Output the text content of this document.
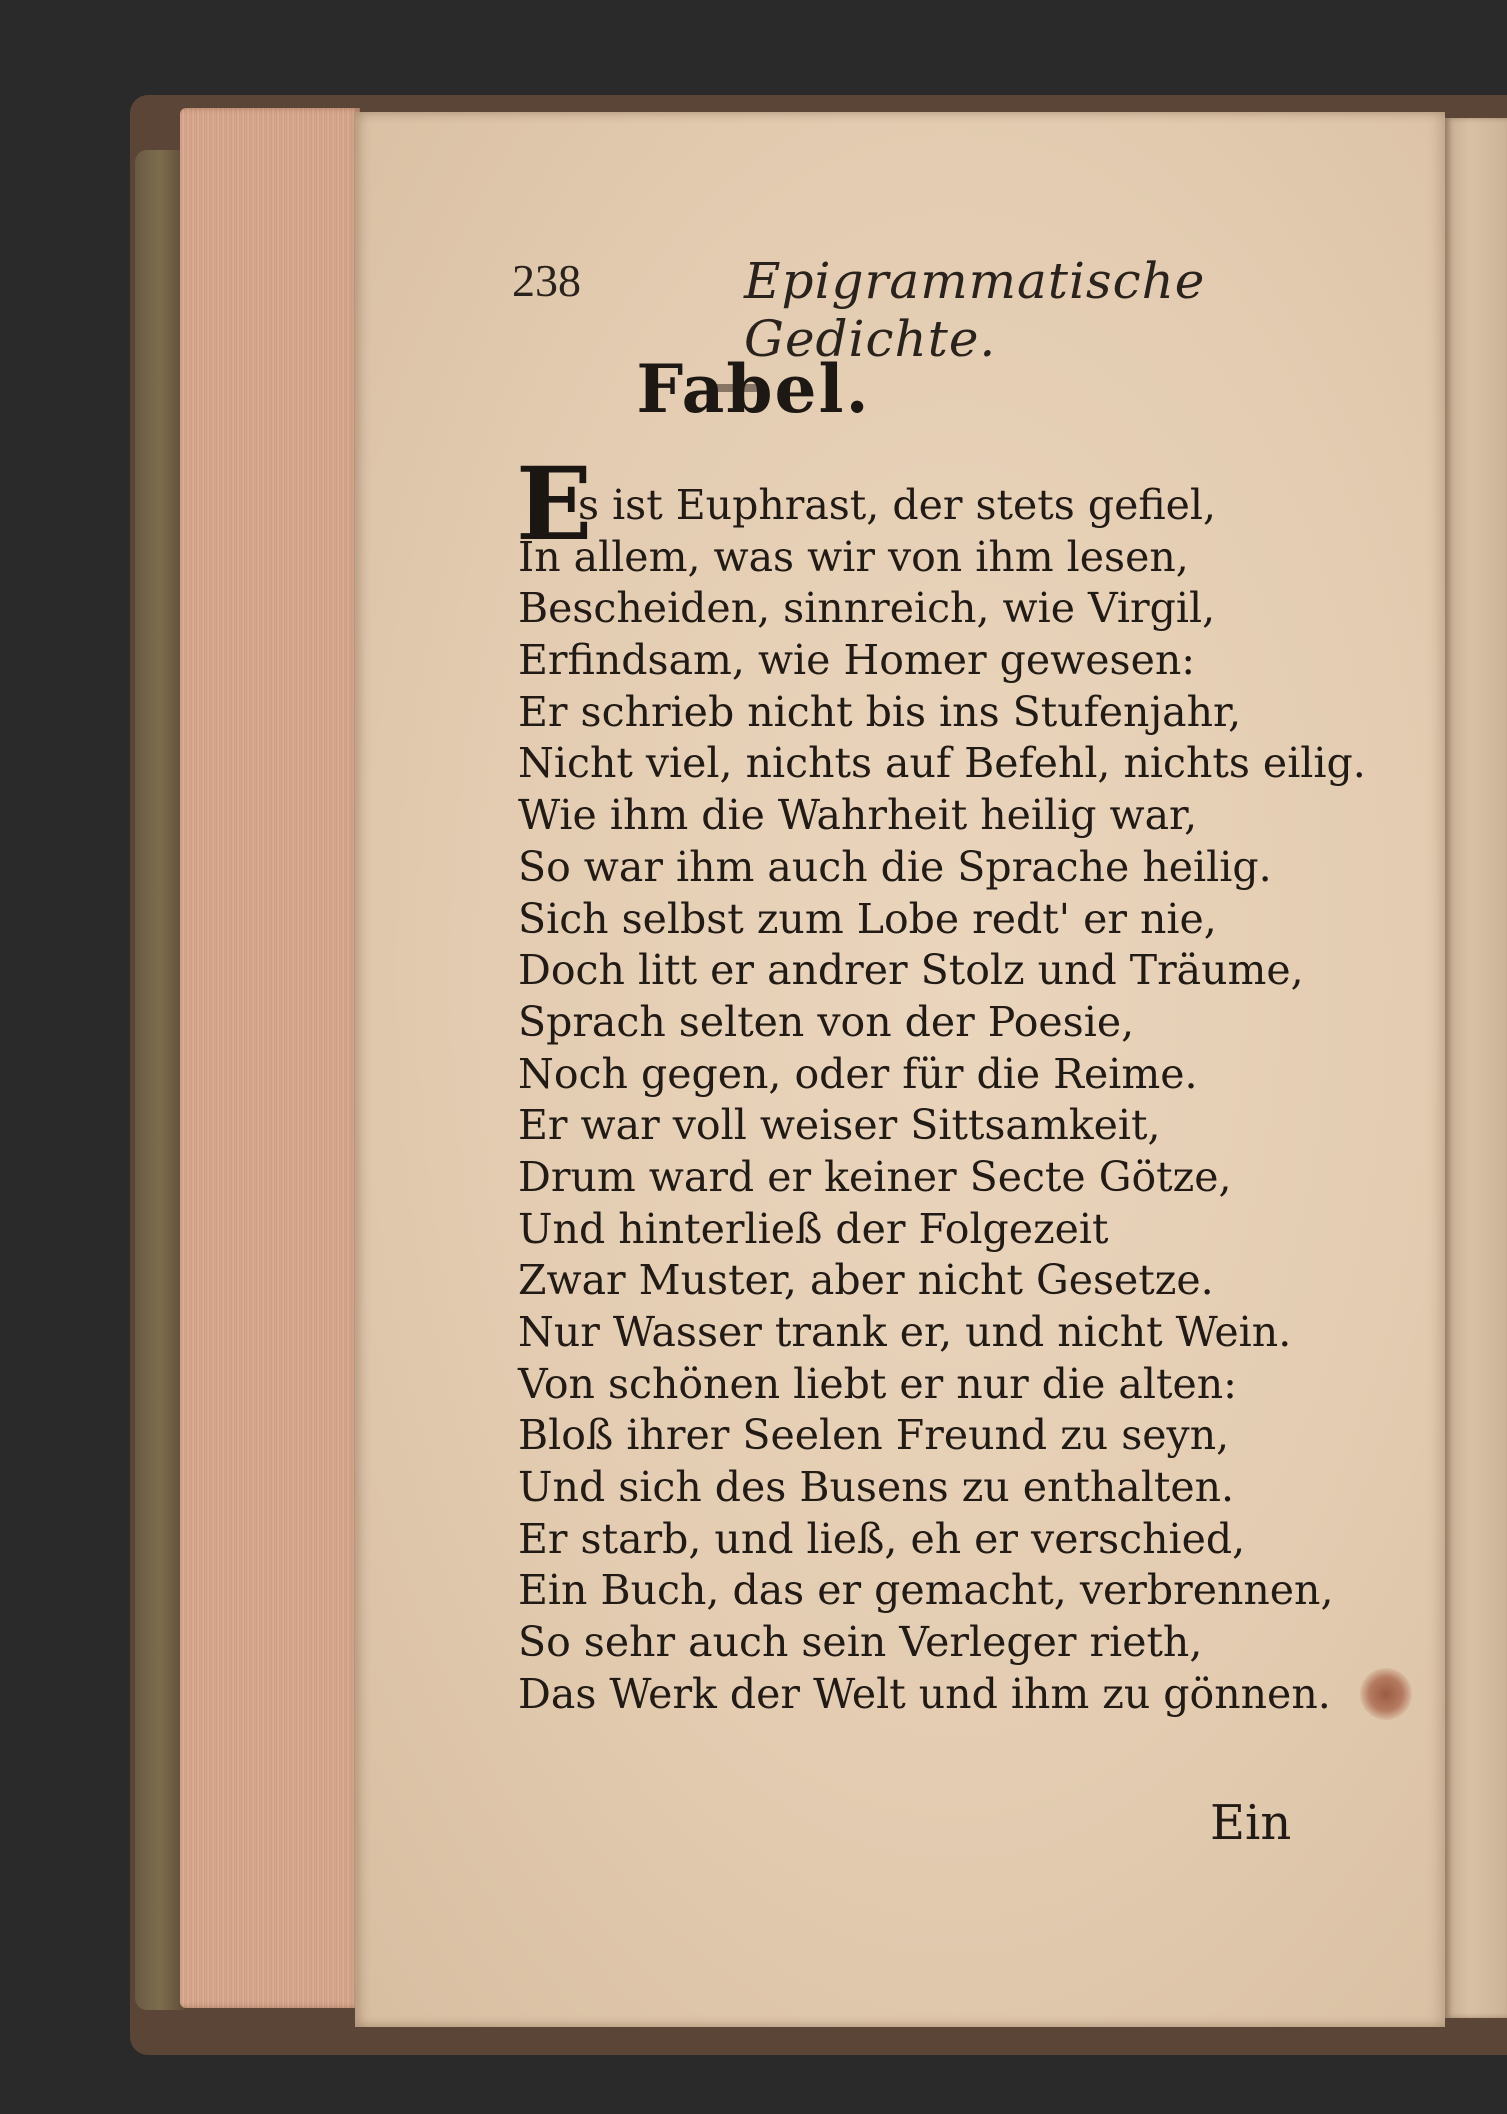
238	Epigrammatische Gedichte.
Fabel.
E
s ist Euphrast, der stets gefiel,
In allem, was wir von ihm lesen,
Bescheiden, sinnreich, wie Virgil,
Erfindsam, wie Homer gewesen:
Er schrieb nicht bis ins Stufenjahr,
Nicht viel, nichts auf Befehl, nichts eilig.
Wie ihm die Wahrheit heilig war,
So war ihm auch die Sprache heilig.
Sich selbst zum Lobe redt' er nie,
Doch litt er andrer Stolz und Träume,
Sprach selten von der Poesie,
Noch gegen, oder für die Reime.
Er war voll weiser Sittsamkeit,
Drum ward er keiner Secte Götze,
Und hinterließ der Folgezeit
Zwar Muster, aber nicht Gesetze.
Nur Wasser trank er, und nicht Wein.
Von schönen liebt er nur die alten:
Bloß ihrer Seelen Freund zu seyn,
Und sich des Busens zu enthalten.
Er starb, und ließ, eh er verschied,
Ein Buch, das er gemacht, verbrennen,
So sehr auch sein Verleger rieth,
Das Werk der Welt und ihm zu gönnen.
Ein
